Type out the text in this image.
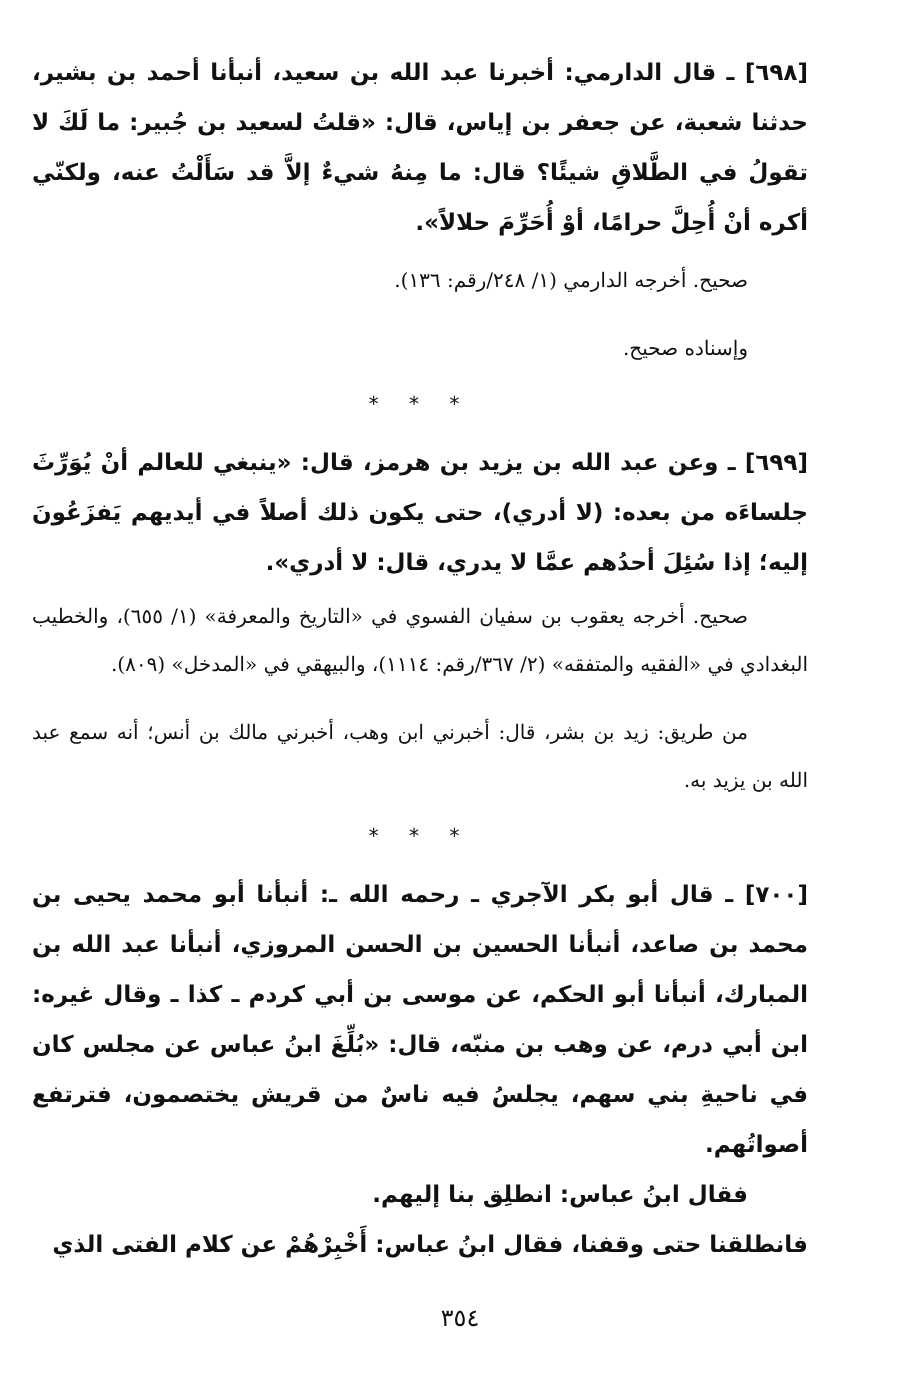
[٦٩٨] ـ قال الدارمي: أخبرنا عبد الله بن سعيد، أنبأنا أحمد بن بشير، حدثنا شعبة، عن جعفر بن إياس، قال: «قلتُ لسعيد بن جُبير: ما لَكَ لا تقولُ في الطَّلاقِ شيئًا؟ قال: ما مِنهُ شيءٌ إلاَّ قد سَأَلْتُ عنه، ولكنّي أكره أنْ أُحِلَّ حرامًا، أوْ أُحَرِّمَ حلالاً».

صحيح. أخرجه الدارمي (١/ ٢٤٨/رقم: ١٣٦).

وإسناده صحيح.

* * *

[٦٩٩] ـ وعن عبد الله بن يزيد بن هرمز، قال: «ينبغي للعالم أنْ يُوَرِّثَ جلساءَه من بعده: (لا أدري)، حتى يكون ذلك أصلاً في أيديهم يَفزَعُونَ إليه؛ إذا سُئِلَ أحدُهم عمَّا لا يدري، قال: لا أدري».

صحيح. أخرجه يعقوب بن سفيان الفسوي في «التاريخ والمعرفة» (١/ ٦٥٥)، والخطيب البغدادي في «الفقيه والمتفقه» (٢/ ٣٦٧/رقم: ١١١٤)، والبيهقي في «المدخل» (٨٠٩).

من طريق: زيد بن بشر، قال: أخبرني ابن وهب، أخبرني مالك بن أنس؛ أنه سمع عبد الله بن يزيد به.

* * *

[٧٠٠] ـ قال أبو بكر الآجري ـ رحمه الله ـ: أنبأنا أبو محمد يحيى بن محمد بن صاعد، أنبأنا الحسين بن الحسن المروزي، أنبأنا عبد الله بن المبارك، أنبأنا أبو الحكم، عن موسى بن أبي كردم ـ كذا ـ وقال غيره: ابن أبي درم، عن وهب بن منبّه، قال: «بُلِّغَ ابنُ عباس عن مجلس كان في ناحيةِ بني سهم، يجلسُ فيه ناسٌ من قريش يختصمون، فترتفع أصواتُهم.

فقال ابنُ عباس: انطلِق بنا إليهم.

فانطلقنا حتى وقفنا، فقال ابنُ عباس: أَخْبِرْهُمْ عن كلام الفتى الذي

٣٥٤
